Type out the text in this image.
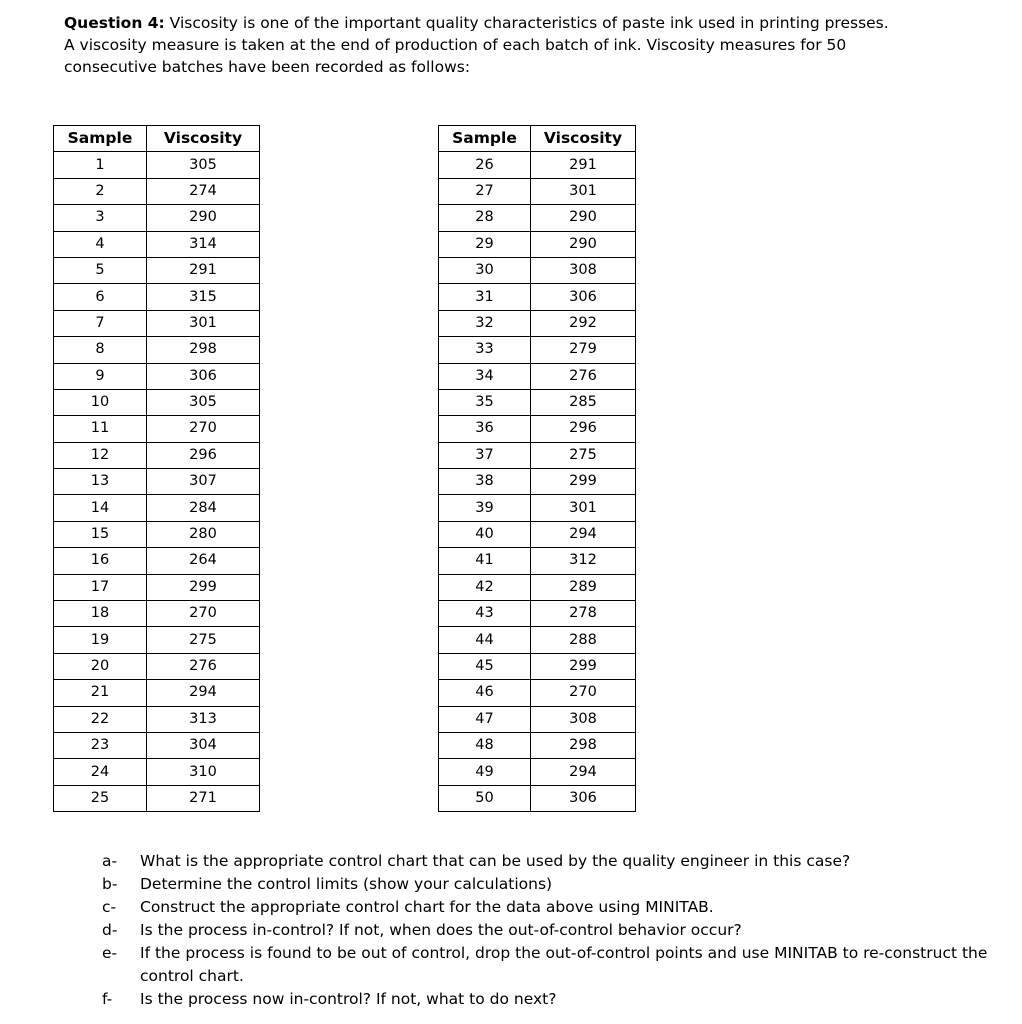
Question 4: Viscosity is one of the important quality characteristics of paste ink used in printing presses.

A viscosity measure is taken at the end of production of each batch of ink. Viscosity measures for 50

consecutive batches have been recorded as follows:

Sample	Viscosity
1	305
2	274
3	290
4	314
5	291
6	315
7	301
8	298
9	306
10	305
11	270
12	296
13	307
14	284
15	280
16	264
17	299
18	270
19	275
20	276
21	294
22	313
23	304
24	310
25	271
Sample	Viscosity
26	291
27	301
28	290
29	290
30	308
31	306
32	292
33	279
34	276
35	285
36	296
37	275
38	299
39	301
40	294
41	312
42	289
43	278
44	288
45	299
46	270
47	308
48	298
49	294
50	306
a-	What is the appropriate control chart that can be used by the quality engineer in this case?
b-	Determine the control limits (show your calculations)
c-	Construct the appropriate control chart for the data above using MINITAB.
d-	Is the process in-control? If not, when does the out-of-control behavior occur?
e-	If the process is found to be out of control, drop the out-of-control points and use MINITAB to re-construct the control chart.
f-	Is the process now in-control? If not, what to do next?
